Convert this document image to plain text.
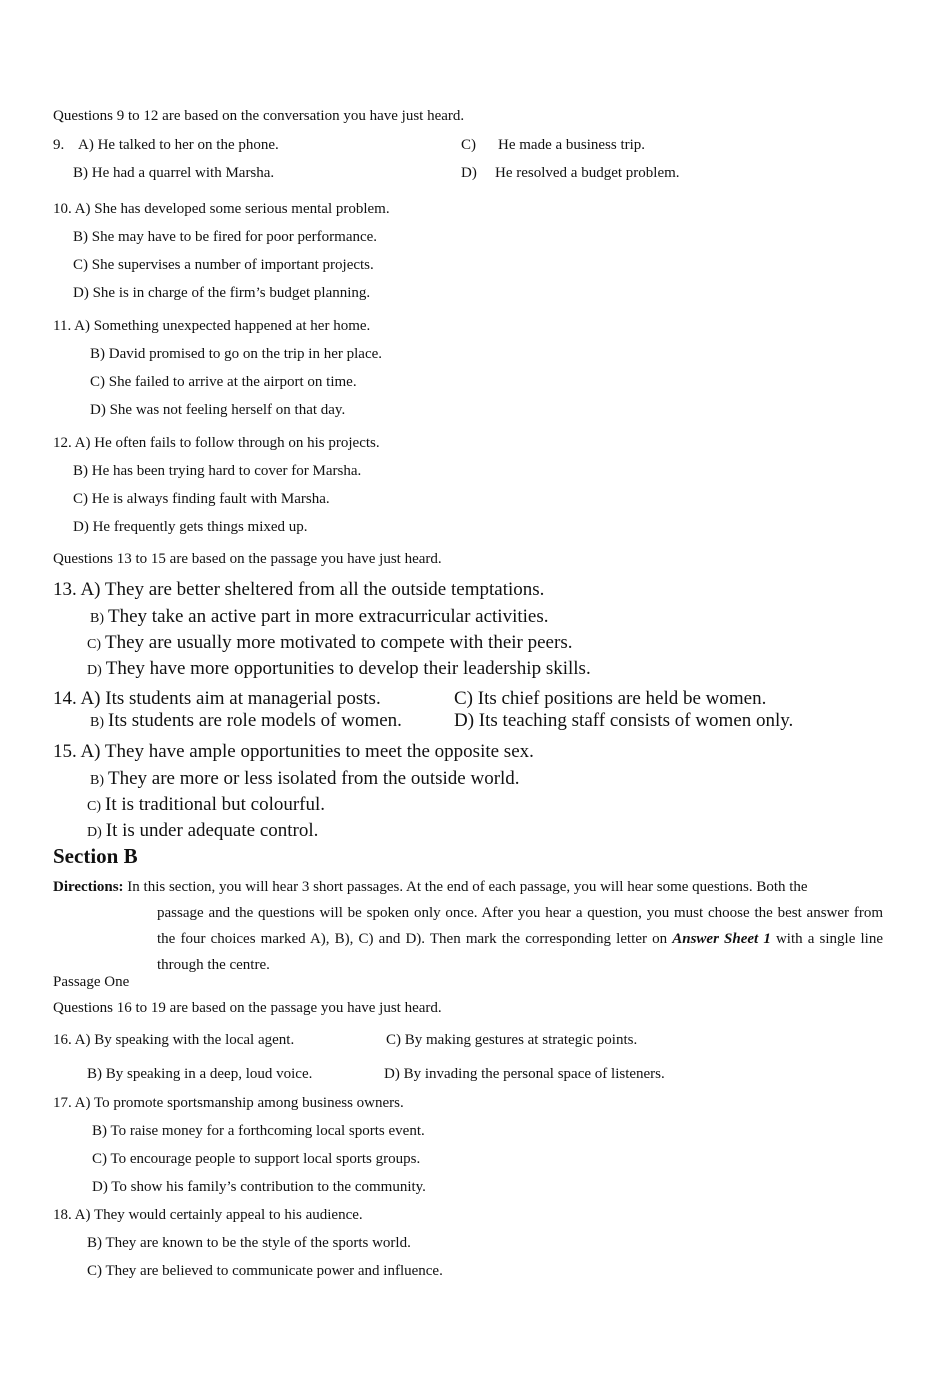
Questions 9 to 12 are based on the conversation you have just heard.
9. A) He talked to her on the phone.	C) He made a business trip.
B) He had a quarrel with Marsha.	D) He resolved a budget problem.
10. A) She has developed some serious mental problem.
B) She may have to be fired for poor performance.
C) She supervises a number of important projects.
D) She is in charge of the firm’s budget planning.
11. A) Something unexpected happened at her home.
B) David promised to go on the trip in her place.
C) She failed to arrive at the airport on time.
D) She was not feeling herself on that day.
12. A) He often fails to follow through on his projects.
B) He has been trying hard to cover for Marsha.
C) He is always finding fault with Marsha.
D) He frequently gets things mixed up.
Questions 13 to 15 are based on the passage you have just heard.
13. A) They are better sheltered from all the outside temptations.
B) They take an active part in more extracurricular activities.
C) They are usually more motivated to compete with their peers.
D) They have more opportunities to develop their leadership skills.
14. A) Its students aim at managerial posts.	C) Its chief positions are held be women.
B) Its students are role models of women.	D) Its teaching staff consists of women only.
15. A) They have ample opportunities to meet the opposite sex.
B) They are more or less isolated from the outside world.
C) It is traditional but colourful.
D) It is under adequate control.
Section B
Directions: In this section, you will hear 3 short passages. At the end of each passage, you will hear some questions. Both the
passage and the questions will be spoken only once. After you hear a question, you must choose the best answer from the four choices marked A), B), C) and D). Then mark the corresponding letter on Answer Sheet 1 with a single line through the centre.
Passage One
Questions 16 to 19 are based on the passage you have just heard.
16. A) By speaking with the local agent.	C) By making gestures at strategic points.
B) By speaking in a deep, loud voice.	D) By invading the personal space of listeners.
17. A) To promote sportsmanship among business owners.
B) To raise money for a forthcoming local sports event.
C) To encourage people to support local sports groups.
D) To show his family’s contribution to the community.
18. A) They would certainly appeal to his audience.
B) They are known to be the style of the sports world.
C) They are believed to communicate power and influence.
